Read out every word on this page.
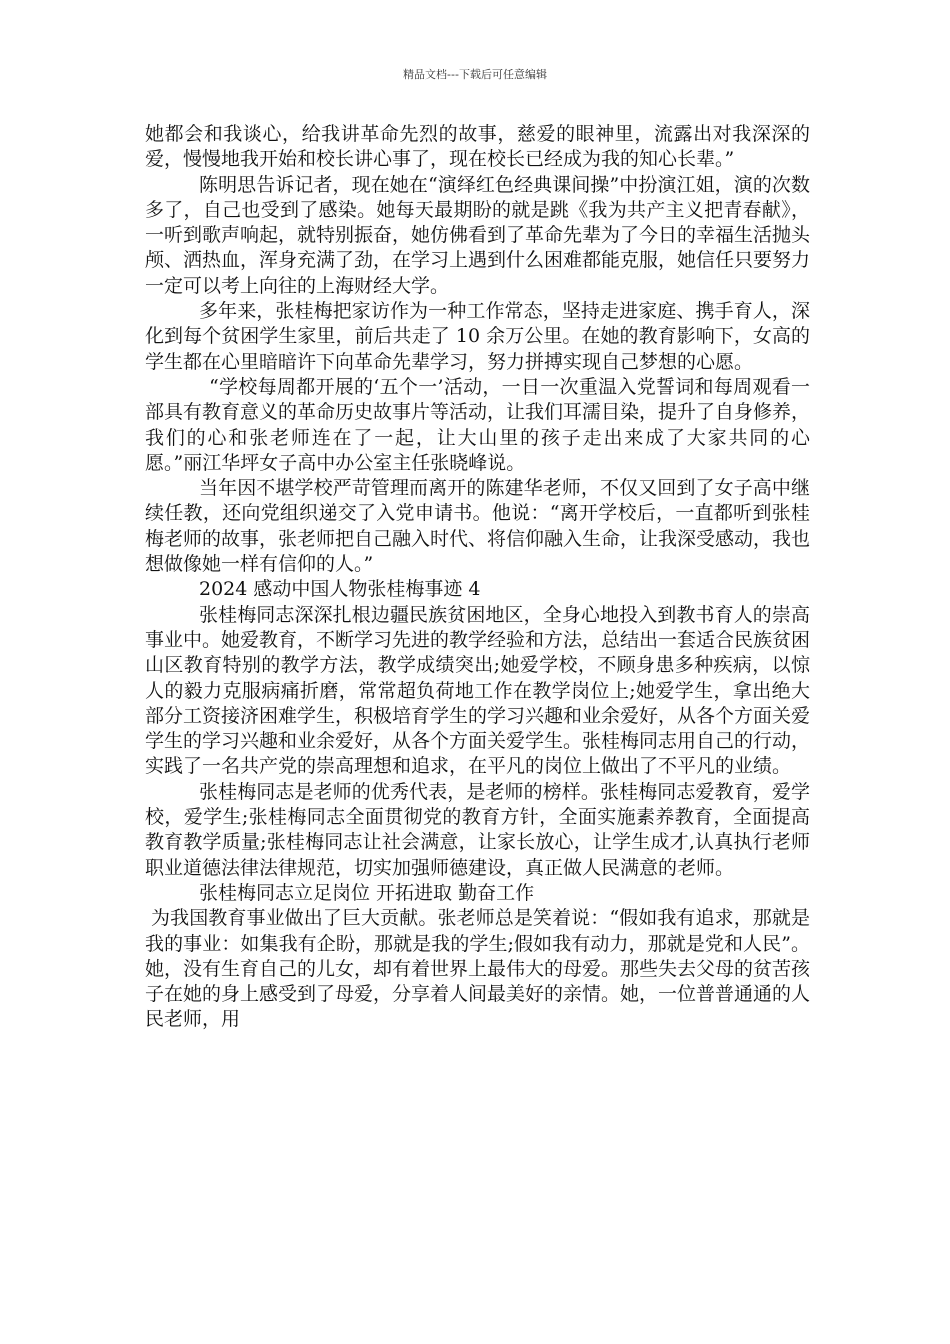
精品文档---下载后可任意编辑

她都会和我谈心，给我讲革命先烈的故事，慈爱的眼神里，流露出对我深深的爱，慢慢地我开始和校长讲心事了，现在校长已经成为我的知心长辈。”

陈明思告诉记者，现在她在“演绎红色经典课间操”中扮演江姐，演的次数多了，自己也受到了感染。她每天最期盼的就是跳《我为共产主义把青春献》，一听到歌声响起，就特别振奋，她仿佛看到了革命先辈为了今日的幸福生活抛头颅、洒热血，浑身充满了劲，在学习上遇到什么困难都能克服，她信任只要努力一定可以考上向往的上海财经大学。

多年来，张桂梅把家访作为一种工作常态，坚持走进家庭、携手育人，深化到每个贫困学生家里，前后共走了 10 余万公里。在她的教育影响下，女高的学生都在心里暗暗许下向革命先辈学习，努力拼搏实现自己梦想的心愿。

“学校每周都开展的‘五个一’活动，一日一次重温入党誓词和每周观看一部具有教育意义的革命历史故事片等活动，让我们耳濡目染，提升了自身修养，我们的心和张老师连在了一起，让大山里的孩子走出来成了大家共同的心愿。”丽江华坪女子高中办公室主任张晓峰说。

当年因不堪学校严苛管理而离开的陈建华老师，不仅又回到了女子高中继续任教，还向党组织递交了入党申请书。他说：“离开学校后，一直都听到张桂梅老师的故事，张老师把自己融入时代、将信仰融入生命，让我深受感动，我也想做像她一样有信仰的人。”

2024 感动中国人物张桂梅事迹 4

张桂梅同志深深扎根边疆民族贫困地区，全身心地投入到教书育人的崇高事业中。她爱教育，不断学习先进的教学经验和方法，总结出一套适合民族贫困山区教育特别的教学方法，教学成绩突出;她爱学校，不顾身患多种疾病，以惊人的毅力克服病痛折磨，常常超负荷地工作在教学岗位上;她爱学生，拿出绝大部分工资接济困难学生，积极培育学生的学习兴趣和业余爱好，从各个方面关爱学生的学习兴趣和业余爱好，从各个方面关爱学生。张桂梅同志用自己的行动，实践了一名共产党的崇高理想和追求，在平凡的岗位上做出了不平凡的业绩。

张桂梅同志是老师的优秀代表，是老师的榜样。张桂梅同志爱教育，爱学校，爱学生;张桂梅同志全面贯彻党的教育方针，全面实施素养教育，全面提高教育教学质量;张桂梅同志让社会满意，让家长放心，让学生成才,认真执行老师职业道德法律法律规范，切实加强师德建设，真正做人民满意的老师。

张桂梅同志立足岗位 开拓进取 勤奋工作

为我国教育事业做出了巨大贡献。张老师总是笑着说：“假如我有追求，那就是我的事业：如集我有企盼，那就是我的学生;假如我有动力，那就是党和人民”。她，没有生育自己的儿女，却有着世界上最伟大的母爱。那些失去父母的贫苦孩子在她的身上感受到了母爱，分享着人间最美好的亲情。她，一位普普通通的人民老师，用
